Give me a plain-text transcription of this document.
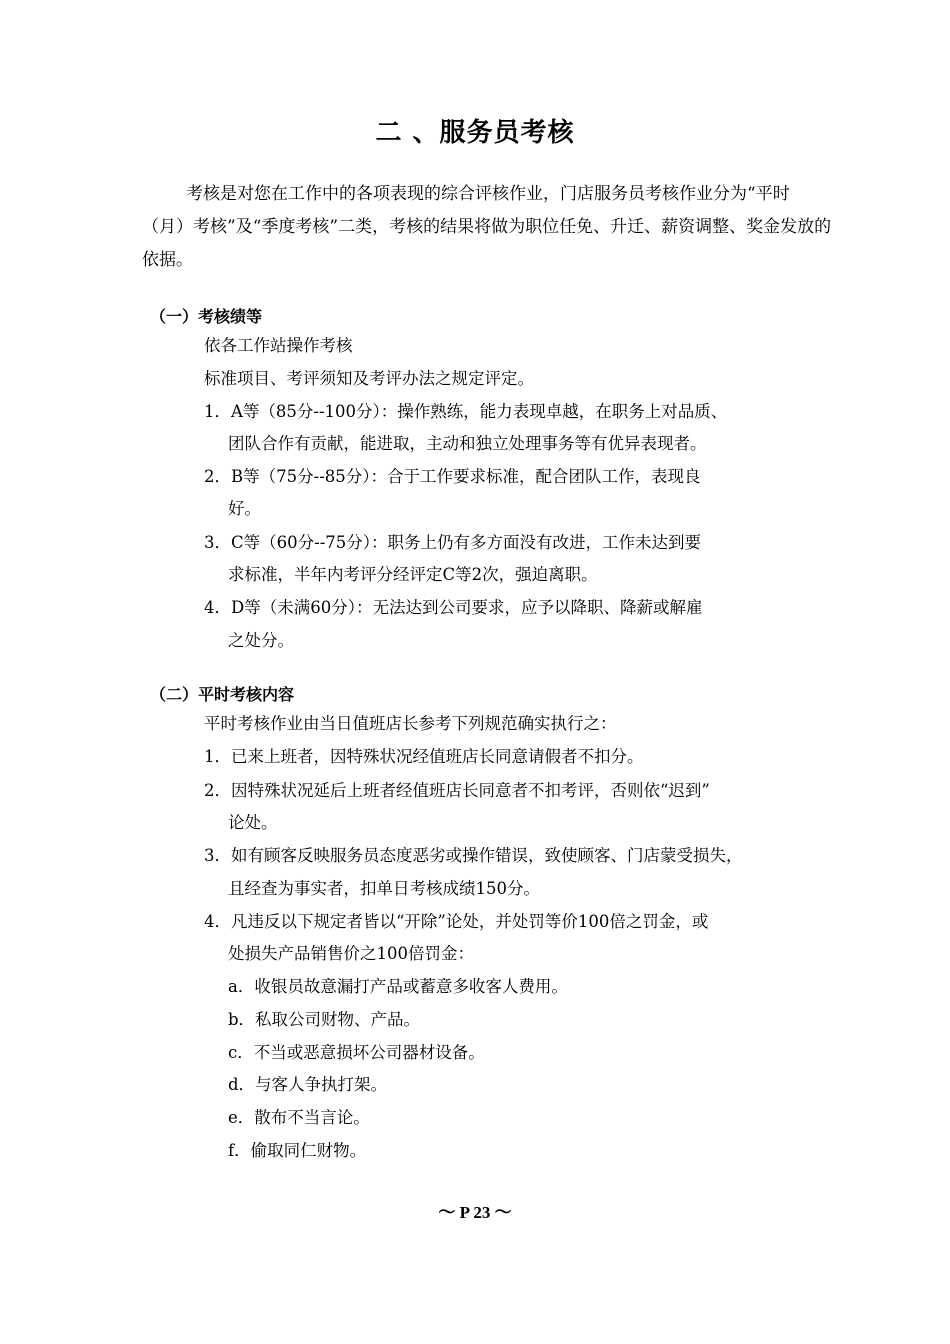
二 、服务员考核
考核是对您在工作中的各项表现的综合评核作业，门店服务员考核作业分为“平时（月）考核”及“季度考核”二类，考核的结果将做为职位任免、升迁、薪资调整、奖金发放的依据。
（一）考核绩等
依各工作站操作考核
标准项目、考评须知及考评办法之规定评定。
1．A等（85分--100分）：操作熟练，能力表现卓越，在职务上对品质、
团队合作有贡献，能进取，主动和独立处理事务等有优异表现者。
2．B等（75分--85分）：合于工作要求标准，配合团队工作，表现良
好。
3．C等（60分--75分）：职务上仍有多方面没有改进，工作未达到要
求标准，半年内考评分经评定C等2次，强迫离职。
4．D等（未满60分）：无法达到公司要求，应予以降职、降薪或解雇
之处分。
（二）平时考核内容
平时考核作业由当日值班店长参考下列规范确实执行之：
1．已来上班者，因特殊状况经值班店长同意请假者不扣分。
2．因特殊状况延后上班者经值班店长同意者不扣考评，否则依“迟到”
论处。
3．如有顾客反映服务员态度恶劣或操作错误，致使顾客、门店蒙受损失，
且经查为事实者，扣单日考核成绩150分。
4．凡违反以下规定者皆以“开除”论处，并处罚等价100倍之罚金，或
处损失产品销售价之100倍罚金：
a．收银员故意漏打产品或蓄意多收客人费用。
b．私取公司财物、产品。
c．不当或恶意损坏公司器材设备。
d．与客人争执打架。
e．散布不当言论。
f．偷取同仁财物。
～ P 23 ～
